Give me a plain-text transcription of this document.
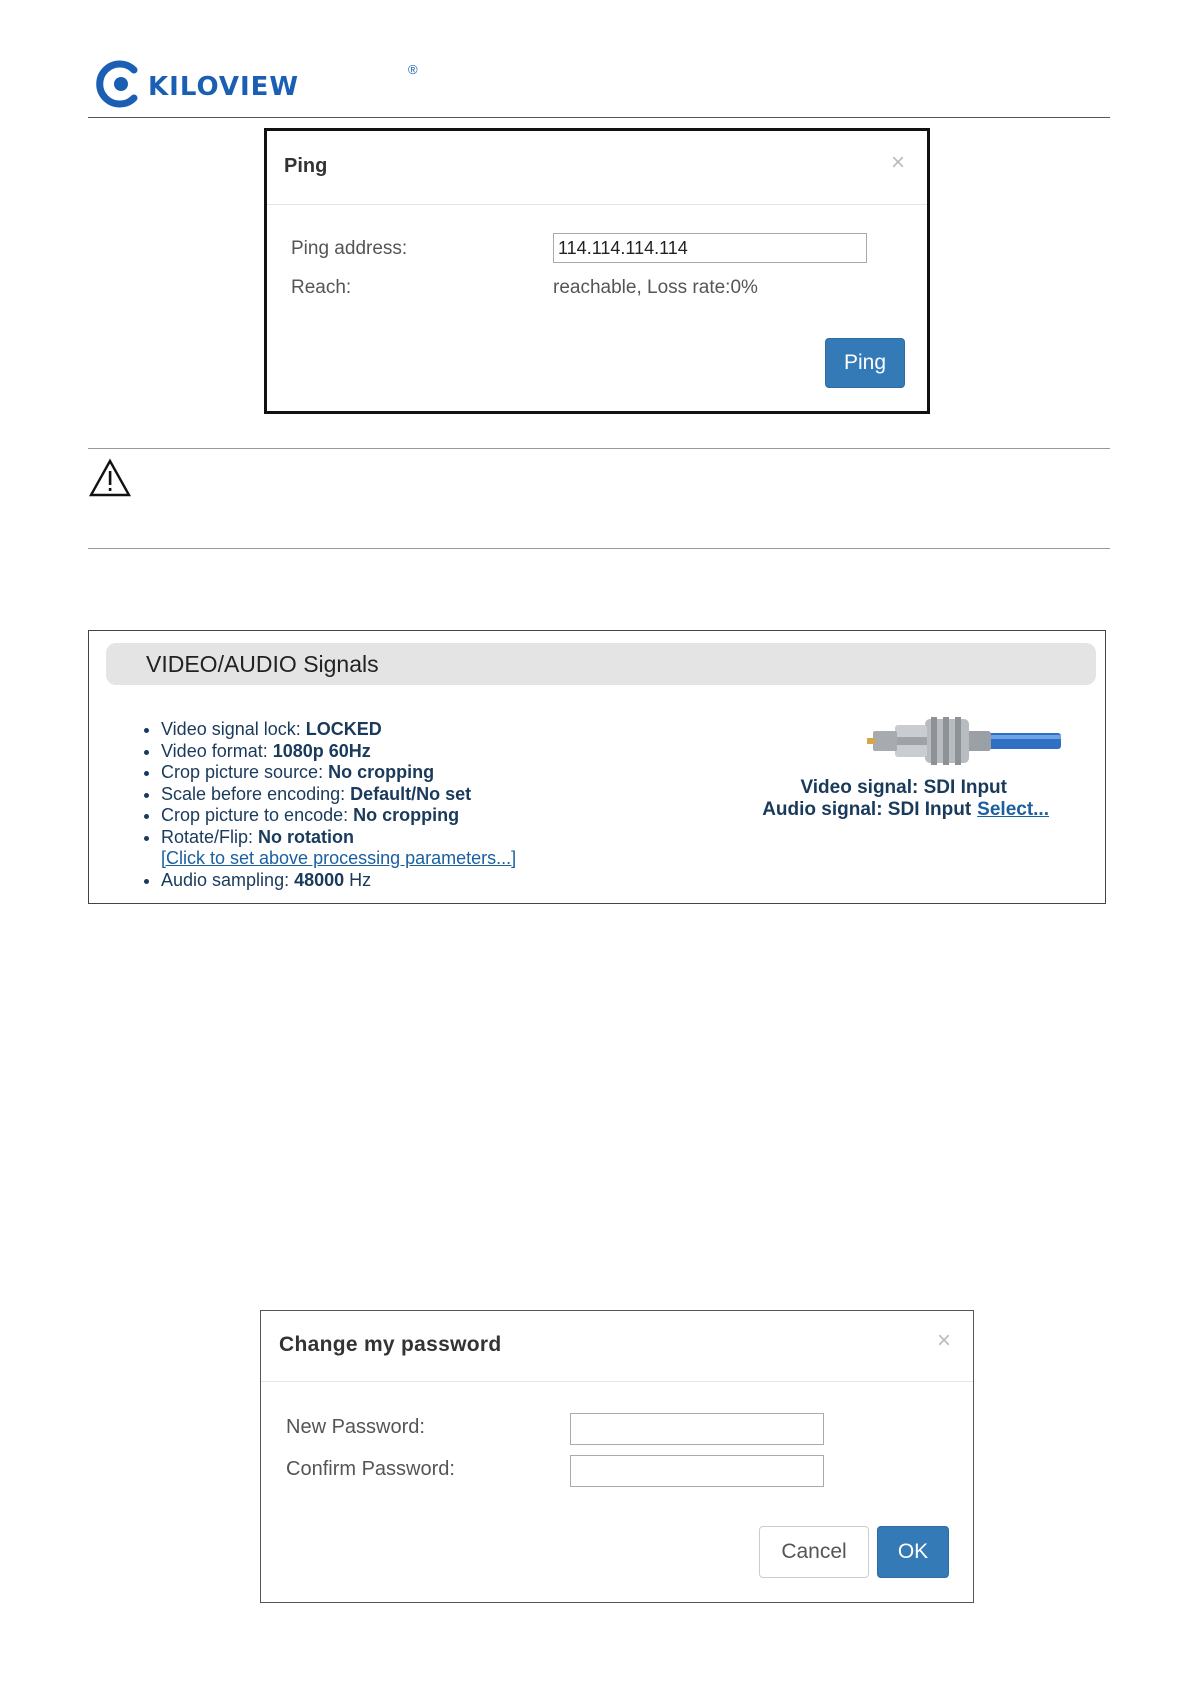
KILOVIEW
®
Ping	×
Ping address:
114.114.114.114
Reach:	reachable, Loss rate:0%
Ping
VIDEO/AUDIO Signals
• Video signal lock: LOCKED
• Video format: 1080p 60Hz
• Crop picture source: No cropping
• Scale before encoding: Default/No set
• Crop picture to encode: No cropping
• Rotate/Flip: No rotation
[Click to set above processing parameters...]
• Audio sampling: 48000 Hz
Video signal: SDI Input
Audio signal: SDI Input Select...
Change my password	×
New Password:
Confirm Password:
Cancel	OK
